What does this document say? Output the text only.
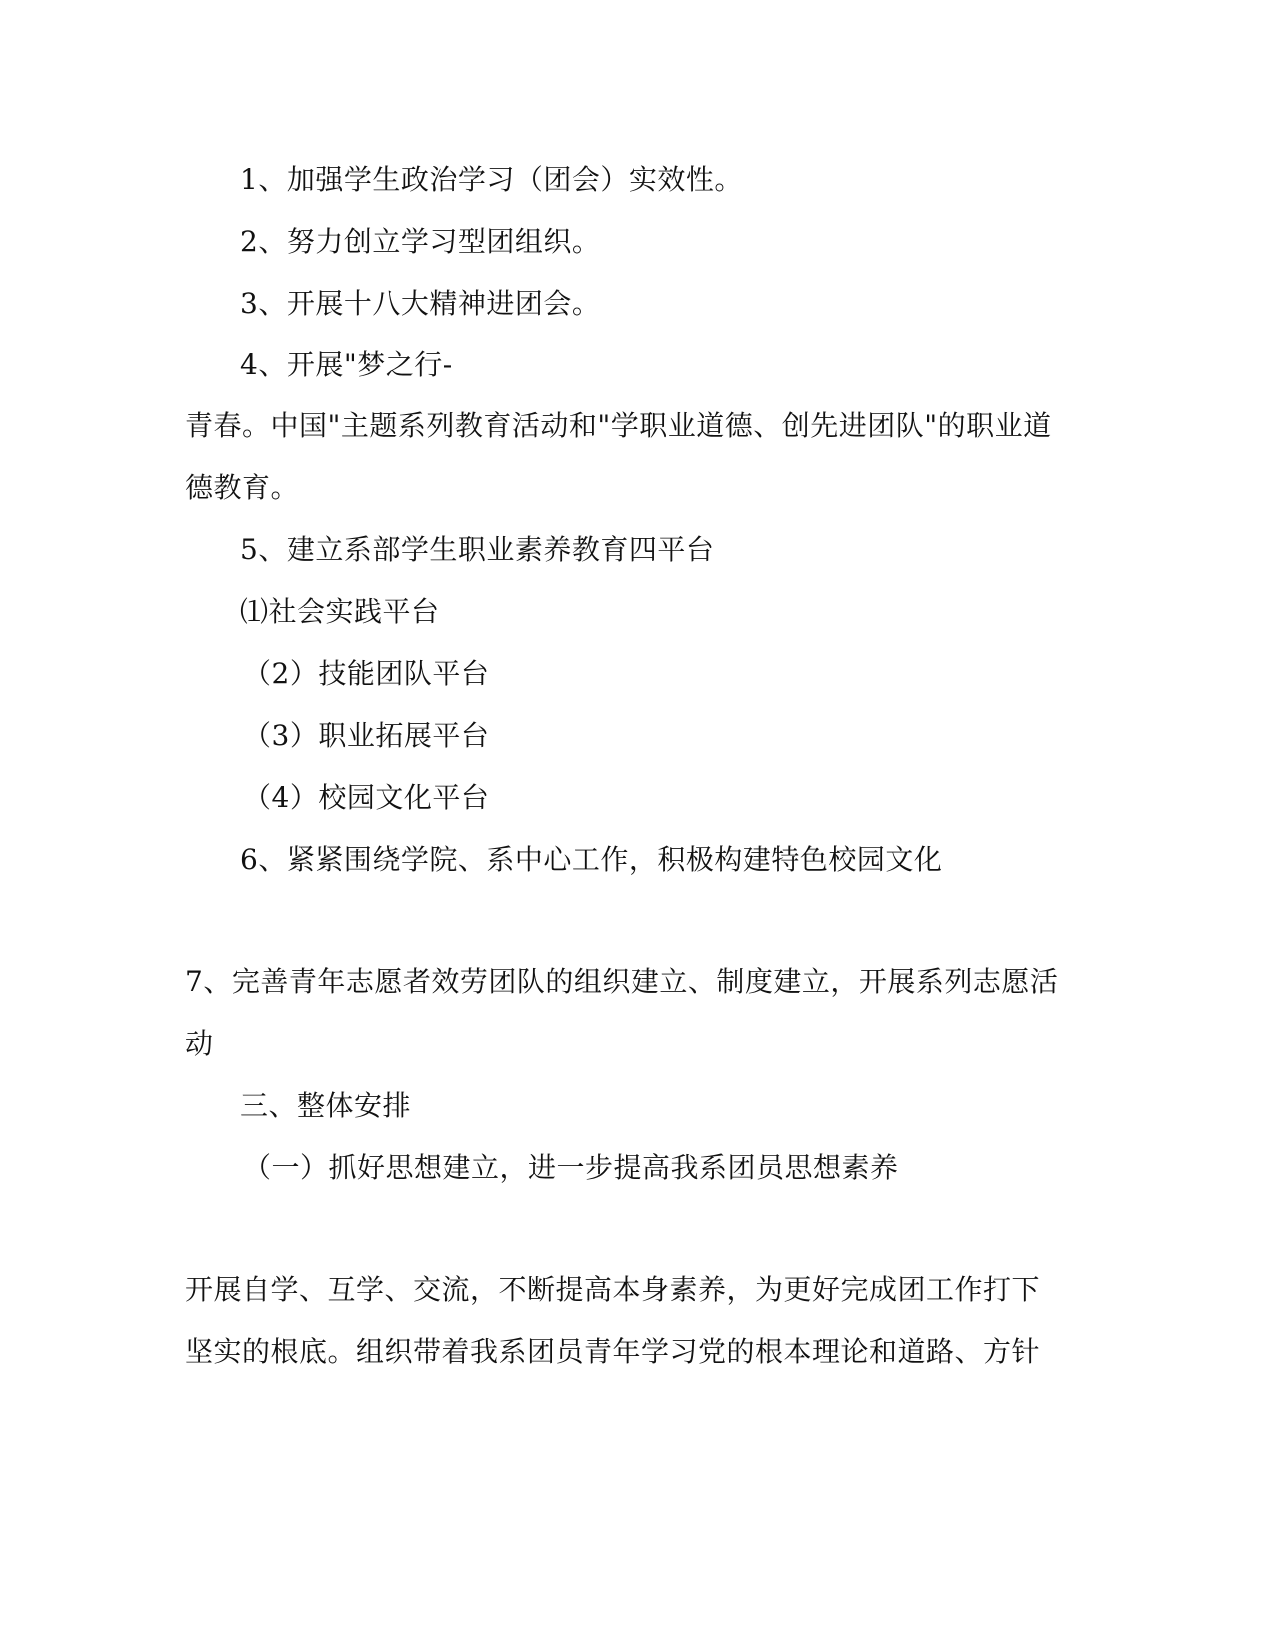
1、加强学生政治学习（团会）实效性。
2、努力创立学习型团组织。
3、开展十八大精神进团会。
4、开展"梦之行-
青春。中国"主题系列教育活动和"学职业道德、创先进团队"的职业道
德教育。
5、建立系部学生职业素养教育四平台
⑴社会实践平台
（2）技能团队平台
（3）职业拓展平台
（4）校园文化平台
6、紧紧围绕学院、系中心工作，积极构建特色校园文化
7、完善青年志愿者效劳团队的组织建立、制度建立，开展系列志愿活
动
三、整体安排
（一）抓好思想建立，进一步提高我系团员思想素养
开展自学、互学、交流，不断提高本身素养，为更好完成团工作打下
坚实的根底。组织带着我系团员青年学习党的根本理论和道路、方针
